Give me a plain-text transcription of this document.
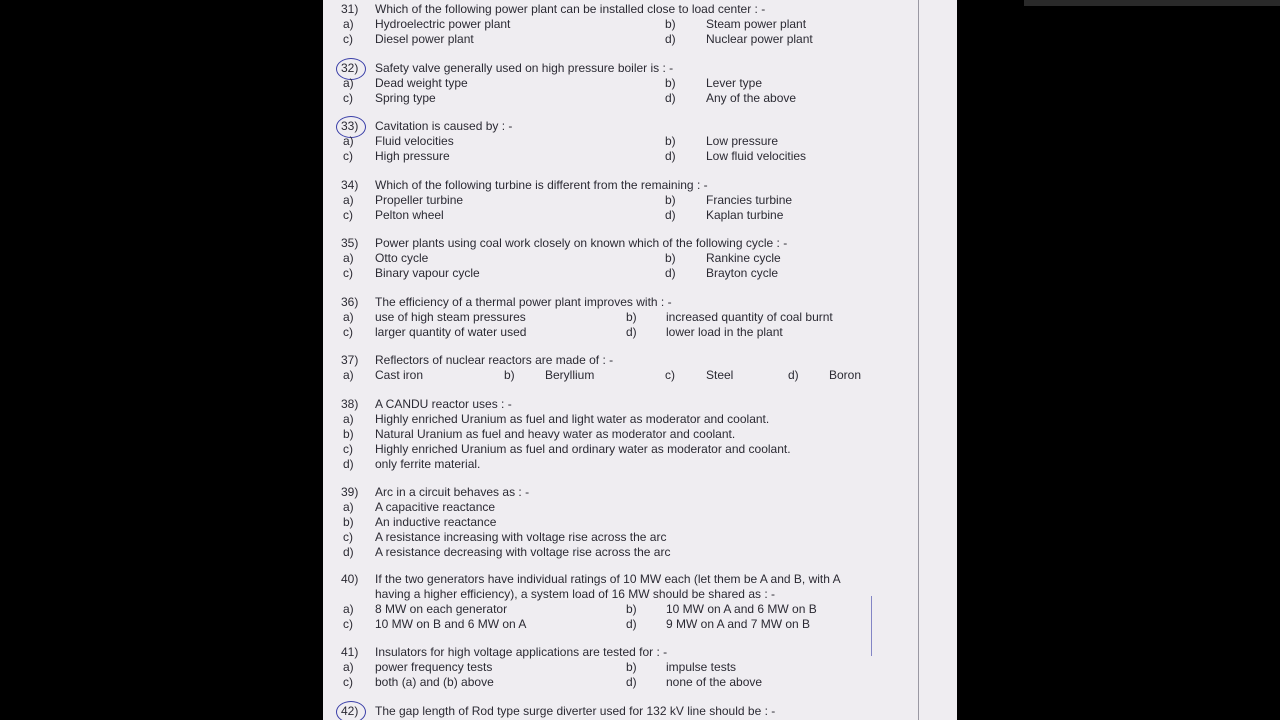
31)	Which of the following power plant can be installed close to load center : -
a) Hydroelectric power plant	b)	Steam power plant
c) Diesel power plant	d)	Nuclear power plant
32)	Safety valve generally used on high pressure boiler is : -
a) Dead weight type	b)	Lever type
c) Spring type	d)	Any of the above
33)	Cavitation is caused by : -
a) Fluid velocities	b)	Low pressure
c) High pressure	d)	Low fluid velocities
34)	Which of the following turbine is different from the remaining : -
a) Propeller turbine	b)	Francies turbine
c) Pelton wheel	d)	Kaplan turbine
35)	Power plants using coal work closely on known which of the following cycle : -
a) Otto cycle	b)	Rankine cycle
c) Binary vapour cycle	d)	Brayton cycle
36)	The efficiency of a thermal power plant improves with : -
a) use of high steam pressures	b) increased quantity of coal burnt
c) larger quantity of water used	d) lower load in the plant
37)	Reflectors of nuclear reactors are made of : -
a) Cast iron	b)	Beryllium	c)	Steel	d)	Boron
38)	A CANDU reactor uses : -
a) Highly enriched Uranium as fuel and light water as moderator and coolant.
b) Natural Uranium as fuel and heavy water as moderator and coolant.
c) Highly enriched Uranium as fuel and ordinary water as moderator and coolant.
d) only ferrite material.
39)	Arc in a circuit behaves as : -
a) A capacitive reactance
b) An inductive reactance
c) A resistance increasing with voltage rise across the arc
d) A resistance decreasing with voltage rise across the arc
40)	If the two generators have individual ratings of 10 MW each (let them be A and B, with A
having a higher efficiency), a system load of 16 MW should be shared as : -
a) 8 MW on each generator	b) 10 MW on A and 6 MW on B
c) 10 MW on B and 6 MW on A	d) 9 MW on A and 7 MW on B
41)	Insulators for high voltage applications are tested for : -
a) power frequency tests	b) impulse tests
c) both (a) and (b) above	d) none of the above
42)	The gap length of Rod type surge diverter used for 132 kV line should be : -
